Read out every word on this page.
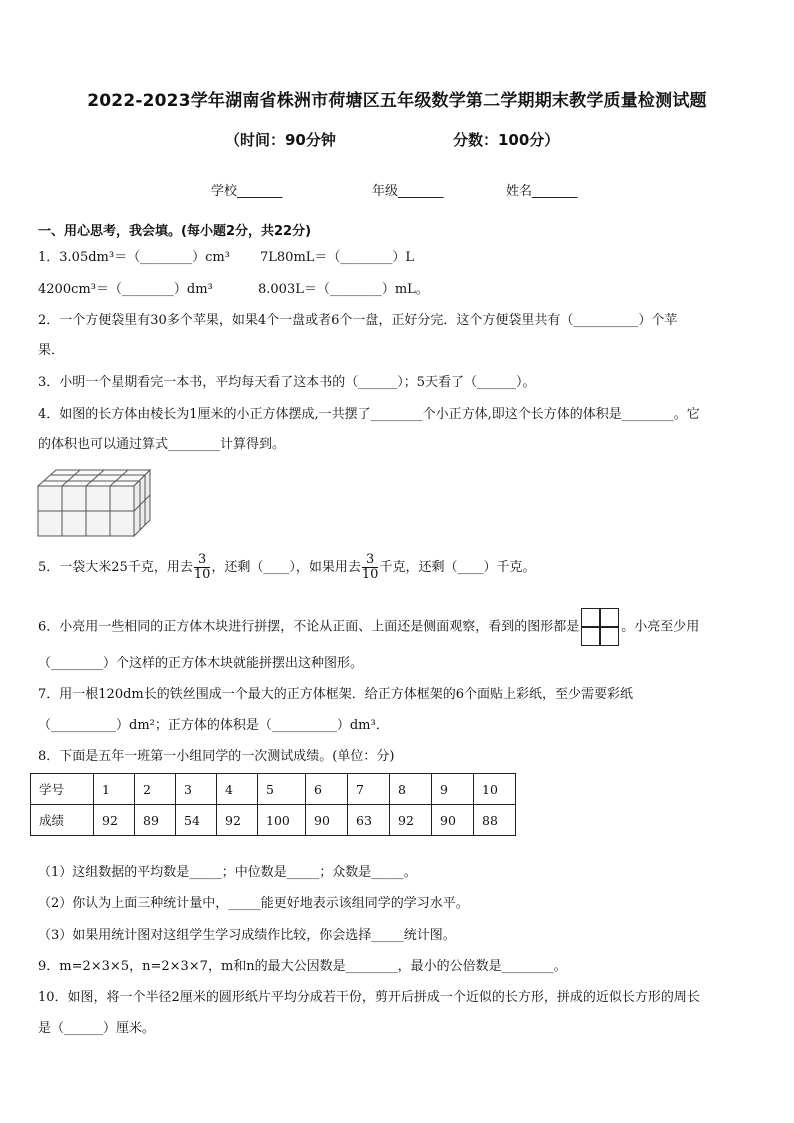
2022-2023学年湖南省株洲市荷塘区五年级数学第二学期期末教学质量检测试题
（时间：90分钟	分数：100分）
学校_______	年级_______	姓名_______
一、用心思考，我会填。(每小题2分，共22分)
1．3.05dm³＝（________）cm³ 7L80mL＝（________）L
4200cm³＝（________）dm³	8.003L＝（________）mL。
2．一个方便袋里有30多个苹果，如果4个一盘或者6个一盘，正好分完．这个方便袋里共有（__________）个苹
果．
3．小明一个星期看完一本书，平均每天看了这本书的（______）；5天看了（______）。
4．如图的长方体由棱长为1厘米的小正方体摆成,一共摆了________个小正方体,即这个长方体的体积是________。它
的体积也可以通过算式________计算得到。
5．一袋大米25千克，用去 $\frac{3}{10}$ ，还剩（____），如果用去 $\frac{3}{10}$ 千克，还剩（____）千克。
6．小亮用一些相同的正方体木块进行拼摆，不论从正面、上面还是侧面观察，看到的图形都是	。小亮至少用
（________）个这样的正方体木块就能拼摆出这种图形。
7．用一根120dm长的铁丝围成一个最大的正方体框架．给正方体框架的6个面贴上彩纸，至少需要彩纸
（__________）dm²；正方体的体积是（__________）dm³．
8．下面是五年一班第一小组同学的一次测试成绩。(单位：分)
学号	1	2	3	4	5	6	7	8	9	10
成绩	92	89	54	92	100	90	63	92	90	88
（1）这组数据的平均数是_____；中位数是_____；众数是_____。
（2）你认为上面三种统计量中，_____能更好地表示该组同学的学习水平。
（3）如果用统计图对这组学生学习成绩作比较，你会选择_____统计图。
9．m=2×3×5，n=2×3×7，m和n的最大公因数是________，最小的公倍数是________。
10．如图，将一个半径2厘米的圆形纸片平均分成若干份，剪开后拼成一个近似的长方形，拼成的近似长方形的周长
是（______）厘米。
